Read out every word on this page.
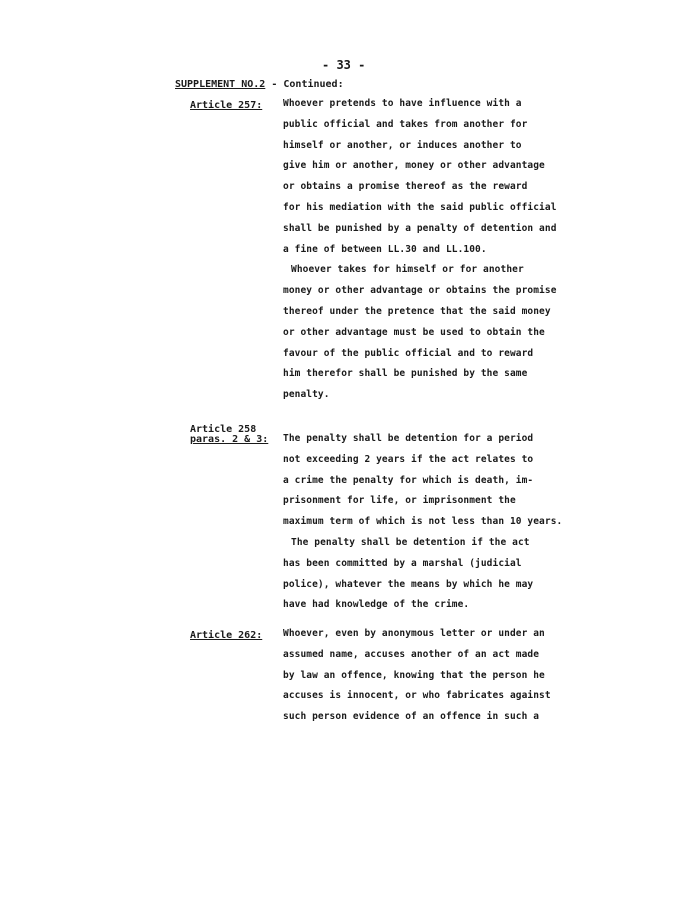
- 33 -
SUPPLEMENT NO.2 - Continued:
Article 257: Whoever pretends to have influence with a
public official and takes from another for
himself or another, or induces another to
give him or another, money or other advantage
or obtains a promise thereof as the reward
for his mediation with the said public official
shall be punished by a penalty of detention and
a fine of between LL.30 and LL.100.
Whoever takes for himself or for another
money or other advantage or obtains the promise
thereof under the pretence that the said money
or other advantage must be used to obtain the
favour of the public official and to reward
him therefor shall be punished by the same
penalty.
Article 258
paras. 2 & 3: The penalty shall be detention for a period
not exceeding 2 years if the act relates to
a crime the penalty for which is death, im-
prisonment for life, or imprisonment the
maximum term of which is not less than 10 years.
The penalty shall be detention if the act
has been committed by a marshal (judicial
police), whatever the means by which he may
have had knowledge of the crime.
Article 262: Whoever, even by anonymous letter or under an
assumed name, accuses another of an act made
by law an offence, knowing that the person he
accuses is innocent, or who fabricates against
such person evidence of an offence in such a
